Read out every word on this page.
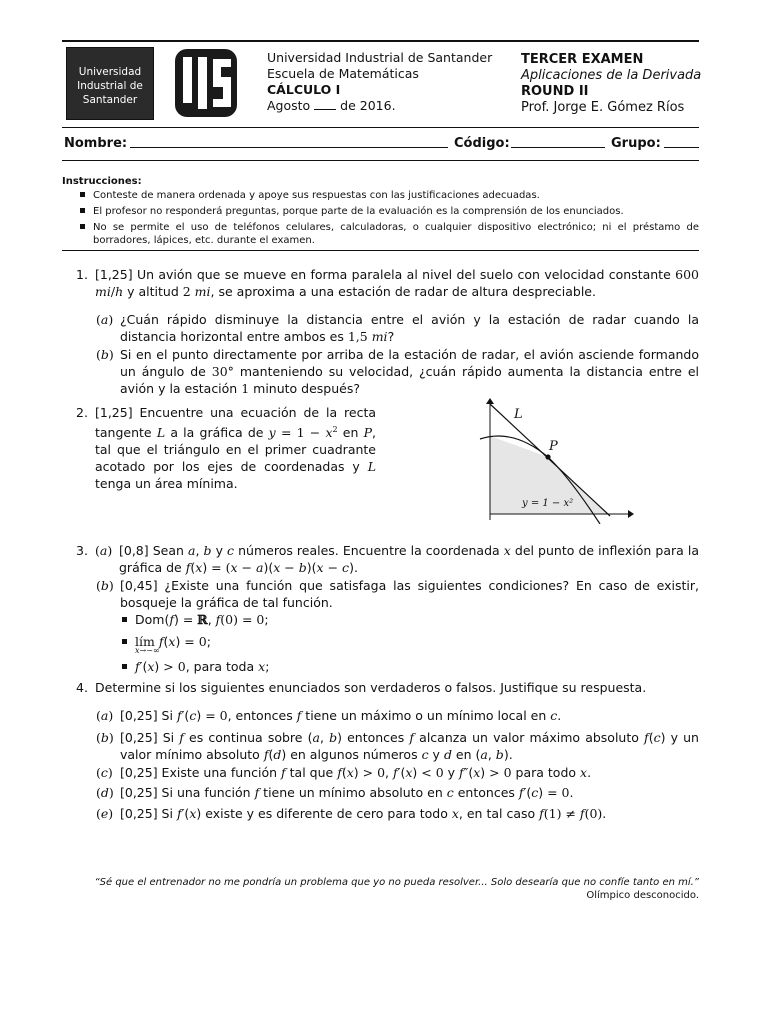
Universidad
Industrial de
Santander
Universidad Industrial de Santander
Escuela de Matemáticas
CÁLCULO I
Agosto de 2016.
TERCER EXAMEN
Aplicaciones de la Derivada
ROUND II
Prof. Jorge E. Gómez Ríos
Nombre:	Código:	Grupo:
Instrucciones:
Conteste de manera ordenada y apoye sus respuestas con las justificaciones adecuadas.
El profesor no responderá preguntas, porque parte de la evaluación es la comprensión de los enunciados.
No se permite el uso de teléfonos celulares, calculadoras, o cualquier dispositivo electrónico; ni el préstamo de borradores, lápices, etc. durante el examen.
1. [1,25] Un avión que se mueve en forma paralela al nivel del suelo con velocidad constante 600 mi/h y altitud 2 mi, se aproxima a una estación de radar de altura despreciable.
(a) ¿Cuán rápido disminuye la distancia entre el avión y la estación de radar cuando la distancia horizontal entre ambos es 1,5 mi?
(b) Si en el punto directamente por arriba de la estación de radar, el avión asciende formando un ángulo de 30° manteniendo su velocidad, ¿cuán rápido aumenta la distancia entre el avión y la estación 1 minuto después?
2. [1,25] Encuentre una ecuación de la recta tangente L a la gráfica de $y = 1 - x^2$ en P, tal que el triángulo en el primer cuadrante acotado por los ejes de coordenadas y L tenga un área mínima.
L
P
y = 1 − x²
3. (a) [0,8] Sean a, b y c números reales. Encuentre la coordenada x del punto de inflexión para la gráfica de f(x) = (x − a)(x − b)(x − c).
(b) [0,45] ¿Existe una función que satisfaga las siguientes condiciones? En caso de existir, bosqueje la gráfica de tal función.
Dom(f) = ℝ, f(0) = 0;
lím f(x) = 0;
x→−∞
f′(x) > 0, para toda x;
4. Determine si los siguientes enunciados son verdaderos o falsos. Justifique su respuesta.
(a) [0,25] Si f′(c) = 0, entonces f tiene un máximo o un mínimo local en c.
(b) [0,25] Si f es continua sobre (a, b) entonces f alcanza un valor máximo absoluto f(c) y un valor mínimo absoluto f(d) en algunos números c y d en (a, b).
(c) [0,25] Existe una función f tal que f(x) > 0, f′(x) < 0 y f″(x) > 0 para todo x.
(d) [0,25] Si una función f tiene un mínimo absoluto en c entonces f′(c) = 0.
(e) [0,25] Si f′(x) existe y es diferente de cero para todo x, en tal caso f(1) ≠ f(0).
“Sé que el entrenador no me pondría un problema que yo no pueda resolver... Solo desearía que no confíe tanto en mí.”
Olímpico desconocido.
